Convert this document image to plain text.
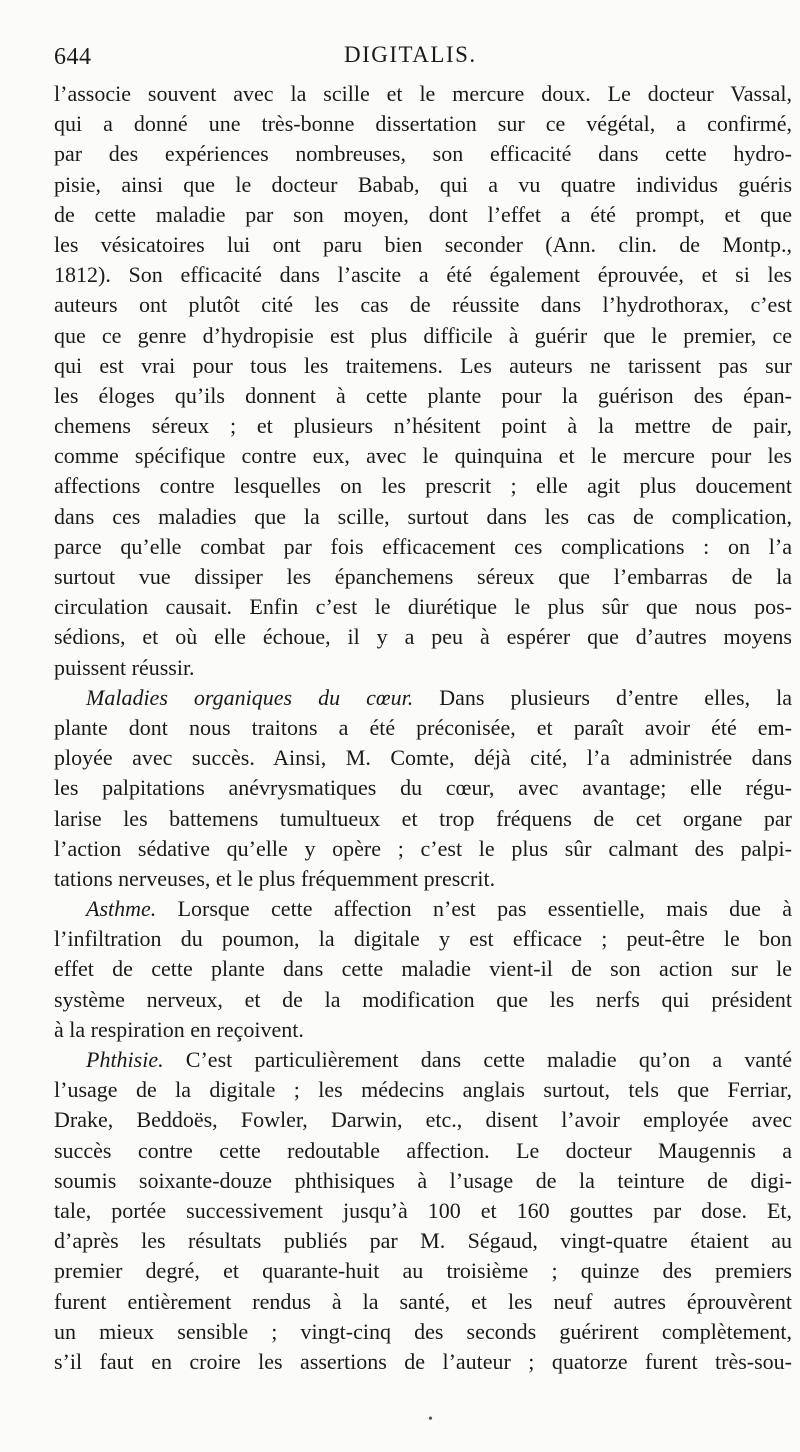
644	DIGITALIS.
l’associe souvent avec la scille et le mercure doux. Le docteur Vassal,
qui a donné une très-bonne dissertation sur ce végétal, a confirmé,
par des expériences nombreuses, son efficacité dans cette hydro-
pisie, ainsi que le docteur Babab, qui a vu quatre individus guéris
de cette maladie par son moyen, dont l’effet a été prompt, et que
les vésicatoires lui ont paru bien seconder (Ann. clin. de Montp.,
1812). Son efficacité dans l’ascite a été également éprouvée, et si les
auteurs ont plutôt cité les cas de réussite dans l’hydrothorax, c’est
que ce genre d’hydropisie est plus difficile à guérir que le premier, ce
qui est vrai pour tous les traitemens. Les auteurs ne tarissent pas sur
les éloges qu’ils donnent à cette plante pour la guérison des épan-
chemens séreux ; et plusieurs n’hésitent point à la mettre de pair,
comme spécifique contre eux, avec le quinquina et le mercure pour les
affections contre lesquelles on les prescrit ; elle agit plus doucement
dans ces maladies que la scille, surtout dans les cas de complication,
parce qu’elle combat par fois efficacement ces complications : on l’a
surtout vue dissiper les épanchemens séreux que l’embarras de la
circulation causait. Enfin c’est le diurétique le plus sûr que nous pos-
sédions, et où elle échoue, il y a peu à espérer que d’autres moyens
puissent réussir.
Maladies organiques du cœur. Dans plusieurs d’entre elles, la
plante dont nous traitons a été préconisée, et paraît avoir été em-
ployée avec succès. Ainsi, M. Comte, déjà cité, l’a administrée dans
les palpitations anévrysmatiques du cœur, avec avantage; elle régu-
larise les battemens tumultueux et trop fréquens de cet organe par
l’action sédative qu’elle y opère ; c’est le plus sûr calmant des palpi-
tations nerveuses, et le plus fréquemment prescrit.
Asthme. Lorsque cette affection n’est pas essentielle, mais due à
l’infiltration du poumon, la digitale y est efficace ; peut-être le bon
effet de cette plante dans cette maladie vient-il de son action sur le
système nerveux, et de la modification que les nerfs qui président
à la respiration en reçoivent.
Phthisie. C’est particulièrement dans cette maladie qu’on a vanté
l’usage de la digitale ; les médecins anglais surtout, tels que Ferriar,
Drake, Beddoës, Fowler, Darwin, etc., disent l’avoir employée avec
succès contre cette redoutable affection. Le docteur Maugennis a
soumis soixante-douze phthisiques à l’usage de la teinture de digi-
tale, portée successivement jusqu’à 100 et 160 gouttes par dose. Et,
d’après les résultats publiés par M. Ségaud, vingt-quatre étaient au
premier degré, et quarante-huit au troisième ; quinze des premiers
furent entièrement rendus à la santé, et les neuf autres éprouvèrent
un mieux sensible ; vingt-cinq des seconds guérirent complètement,
s’il faut en croire les assertions de l’auteur ; quatorze furent très-sou-
•
